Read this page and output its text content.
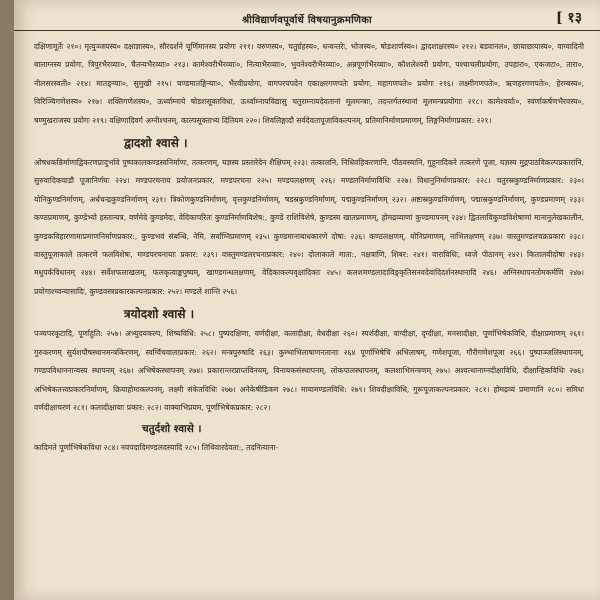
श्रीविद्यार्णवपूर्वार्धे विषयानुक्रमणिका	[ १३

दक्षिणामूर्तेः २१०। मृत्युञ्जयस्य० दक्षाज्ञास्य०, सौरदर्शने घूर्णिमानस्य प्रयोगः २११। वरुणस्य०, चतुर्ग्रहस्य०, धन्वन्तरेः, भोजस्य०, षोडशार्णस्य०। द्वादशाक्षरस्य० २१२। बडवानल०, छायाछायास्य०, वाग्वादिनी बालाग्नस्य प्रयोगः, त्रिपुरभैरव्याः०, चैतन्यभैरव्याः० २१३। कामेश्वरीभैरव्याः०, नित्याभैरव्याः०, भुवनेश्वरीभैरव्याः०, अन्नपूर्णाभैरव्याः०, कौशलेश्वरी प्रयोगः, पश्चाचलीप्रयोगः, उपहारा०, एकजटा०, तारा०, नीलसरस्वती० २१४। मातङ्ग्याः०, सुमुखी २१५। चण्डमातङ्गिन्याः०, भैरवीप्रयोगः, वागपरयपदेन एकाक्षरगणपतेः प्रयोगः, महागणपतेः० प्रयोगः २१६। लक्ष्मीगणपतेः०, ऋणहरगणपतेः०, हेरम्बस्य०, विरिञ्चिगणेशस्य० २१७। शक्तिगणेशस्य०, ऊर्ध्वाम्नाये षोडशसूक्तविधा, ऊर्ध्वाम्नायविद्यासु चतुराम्नायदेवतानां मूलमन्त्राः, तदन्तर्गतस्थानां मूलमन्त्रप्रयोगाः २१८। कामेश्वर्याः०, स्वर्णाकर्षणभैरवस्य०, षण्मुखराजस्य प्रयोगः २१९। वक्षिणादिवर्ग अग्नीश्चनम्, काल्पसूक्ताभ्य दितियम २२०। शिवलिङ्गादौ सर्वदेवतापूजाविकल्पनम्, प्रतिमानिर्माणप्रमाणम्, लिङ्गनिर्माणप्रकार: २२१।

द्वादशो श्वासे ।

ओषधकन्निर्माणाद्विकरणप्रादुर्भावे पुष्पकालकण्डस्वनिर्माणः, तत्करणम्, यज्ञस्य प्रस्तारेदेन शैक्षिपम् २२३। तत्कालनि, निधिवहिकरणानि, पौठवस्यानि, गुहूनादिकरे तत्करणे पूजा, यज्ञस्य मुद्गपाठविकल्पप्रकारानि, सुरुवादिकवाडौ पूजानिर्णयः २२४। मण्डपरचनाय प्रयोजनप्रकार, मण्डपरचना २२५। मण्डपलक्षणम् २२६। मण्डलनिर्माणविधिः २२७। विधानुनिर्माणप्रकार: २२८। चतुरस्रकुण्डनिर्माणप्रकार: २३०। योनिकुण्डनिर्माणम्, अर्धचन्द्रकुण्डनिर्माणम् २३१। त्रिकोणकुण्डनिर्माणम्, वृत्तकुण्डनिर्माणम्, षडस्रकुण्डनिर्माणम्, पद्मकुण्डनिर्माणम् २३२। अष्टास्रकुण्डनिर्माणम्, पद्मास्रकुण्डनिर्माणम्, कुण्डप्रमाणम् २३३। कण्ठप्रमाणम्, कुण्डेभ्यो हस्तान्यत्र, वर्णमेदे कुण्डमेदः, वेदिकापरितः कुण्डनिर्माणविशेष:, कुण्डे राशिविशेषे, कुण्डस्य खातप्रमाणम्, होमद्रव्याणां कुण्डमापनम् २३४। द्वितलाविकुण्डविशेषाणां मानानुलेखकालीन, कुण्डकविहारणामाप्रमाणनिर्माणप्रकार:, कुण्डभवं संबन्धि, नेमि, सर्वाग्निप्रमाणम् २३५। कुण्डमानाबाधकारणे दोषा: २३६। कण्ठलक्षणम्, योनिप्रमाणम्, नाभिलक्षणम् २३७। वास्तुमण्डलचक्रप्रकारः २३८। वास्तुपूजाकाले तत्करणे फलविशेषः, मण्डपरचनायाः प्रकार: २३९। वास्तुमण्डलरचनाप्रकार: २४०। दोलाकाले माता:, नक्षत्राणि, शिबर: २४१। वाराविधिः, ध्वजे पीठानम् २४२। कितालवीदोषा २४३। मधुपर्कविधानम् २४४। सर्वेशफलाखलम्, फलकृत्वाङ्कपुष्पम्, खाण्डगन्धलक्षणम्, वेदिकाकल्पवृक्षादिकाः २४५। कलशमण्डलादाविङ्कृतिसनवदेवादिदर्शनस्थानादि २४६। अग्निस्थापनतोमकर्मणि २४७। प्रयोगाश्च्वन्यासादिः, कुण्डवस्त्रप्रकारकल्पनप्रकार: २५२। मण्डले शान्ति २५६।

त्रयोदशो श्वासे ।

पञ्चपरकूटादि, पूर्णाहुति: २५७। अभ्युदयकल्प, शिष्यविधि: २५८। पुष्पदक्षिणा, वर्णदीक्षा, कलादीक्षा, वेधदीक्षा २६०। स्पर्शदीक्षा, वाग्दीक्षा, दृग्दीक्षा, मनसादीक्षा, पूर्णाभिषेकविधि, दीक्षाप्रमाणम् २६१। गुरुकरणम् सुर्यशपौषस्थानमन्त्रकिरणम्, स्वर्ग्विचवालाप्रकार: २६२। मन्त्रपुरुषादि २६३। कुम्भाभिलाषाणनतानाः २६४ पूर्णाभिषेचि अभिलाषम्, गणेशपूजा, गौरीगणेशपूजा २६६। पुष्पाञ्जलिस्थापनम्, गण्डपविधाननान्यस्य स्थापनम् २६७। अभिषेकस्थापनम् २७४। प्रकारान्तरप्राप्तविनयम्, विनायकसंस्थापनम्, लोकपालस्थापनम्, कलशाभिमन्त्रणम् २७५। अश्वत्थानाम्नदीक्षाविधि, दीक्षान्हिकविधिः २७६। अभिषेकतत्त्वप्रकारनिर्माणम्, क्रियाहोमाकल्पनम्, लक्ष्मी संकेतविधिः २७७। अनेकेषीडिकम २७८। मायामण्डलविधि: २७९। शिवदीक्षाविधि, गुरूपूजाकल्पनप्रकार: २८१। होमद्रव्यं प्रमाणानि २८०। समिधः वर्णदीक्षाचरणं २८१। कलादीक्षायाः प्रकार: २८२। वाक्याभिप्रयम, पूर्णाभिषेकप्रकार: २८२।

चतुर्दशो श्वासे ।

कादिमते पूर्णाभिषेकविधा २८४। नवपदादिमण्डलदस्यादि २८५। तिथिवारदेवता:, तदनित्याना-
